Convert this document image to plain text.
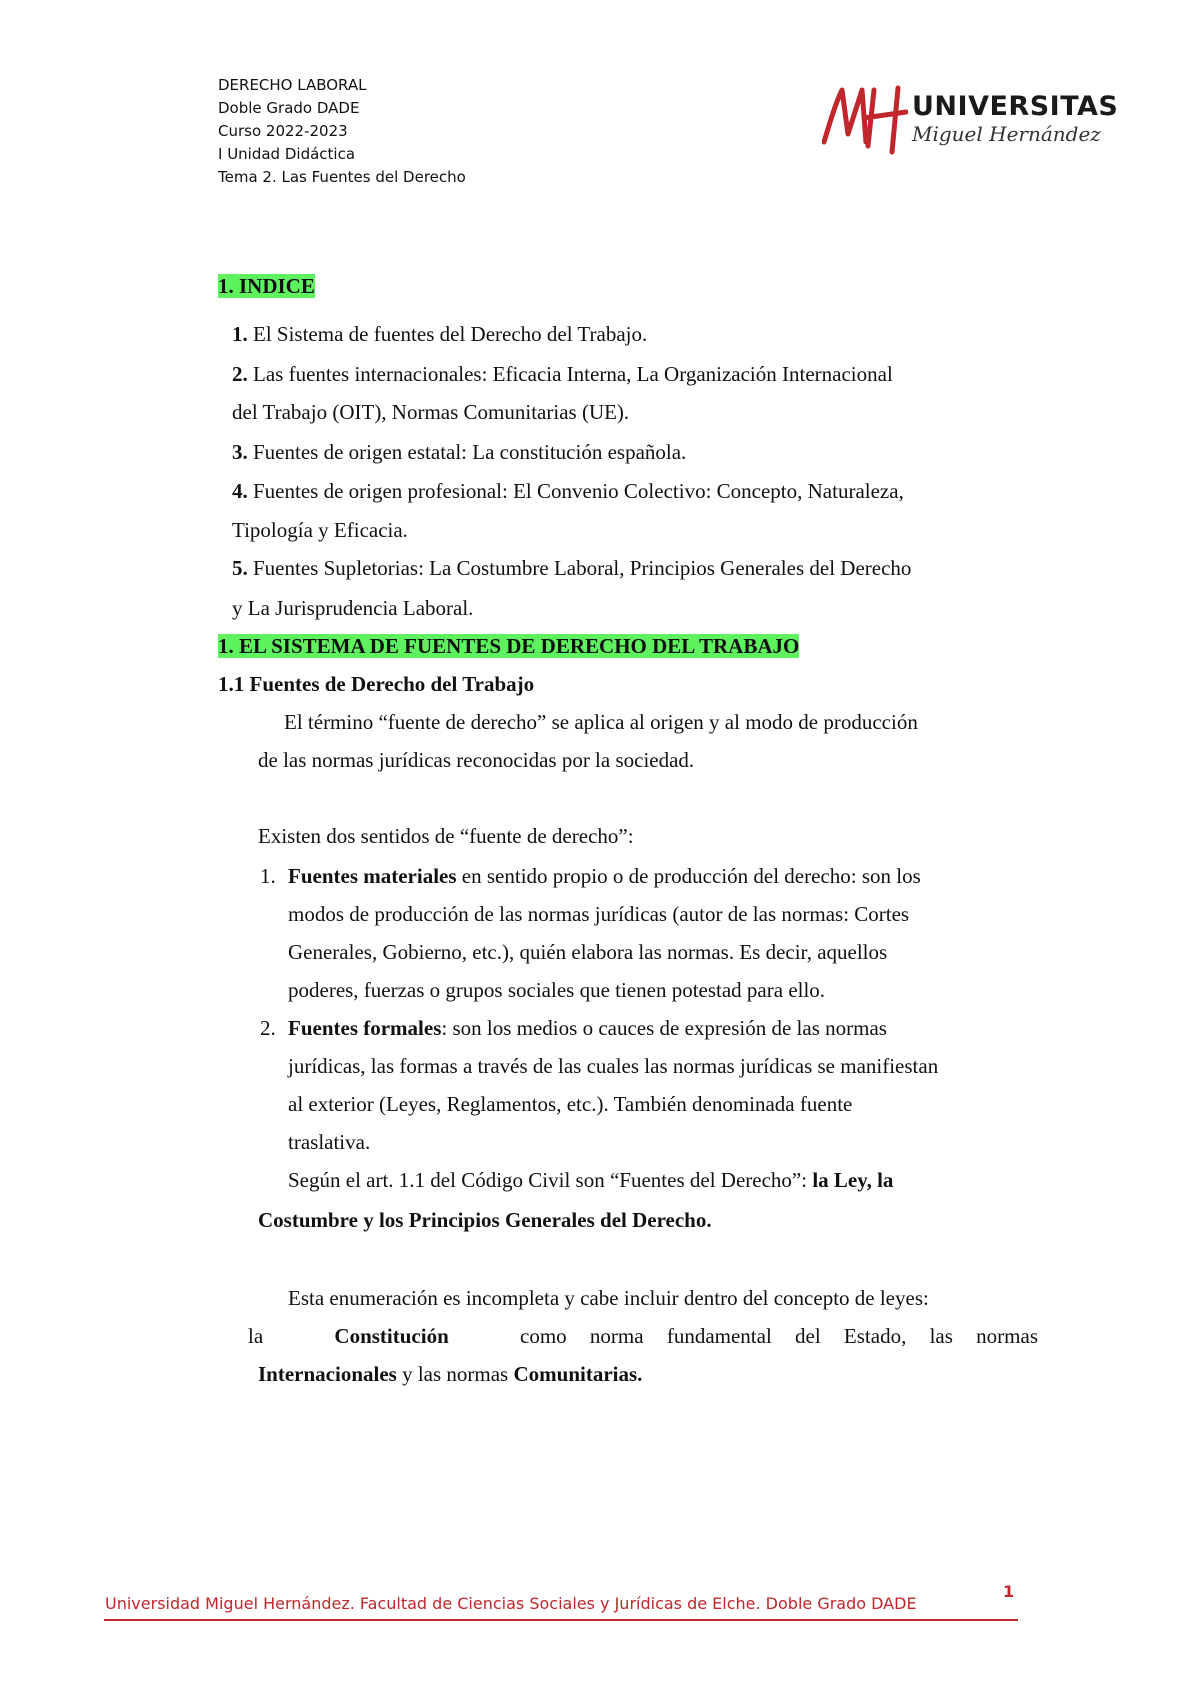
DERECHO LABORAL
Doble Grado DADE
Curso 2022-2023
I Unidad Didáctica
Tema 2. Las Fuentes del Derecho
UNIVERSITAS
Miguel Hernández
1. INDICE
1. El Sistema de fuentes del Derecho del Trabajo.
2. Las fuentes internacionales: Eficacia Interna, La Organización Internacional
del Trabajo (OIT), Normas Comunitarias (UE).
3. Fuentes de origen estatal: La constitución española.
4. Fuentes de origen profesional: El Convenio Colectivo: Concepto, Naturaleza,
Tipología y Eficacia.
5. Fuentes Supletorias: La Costumbre Laboral, Principios Generales del Derecho
y La Jurisprudencia Laboral.
1. EL SISTEMA DE FUENTES DE DERECHO DEL TRABAJO
1.1 Fuentes de Derecho del Trabajo
El término “fuente de derecho” se aplica al origen y al modo de producción
de las normas jurídicas reconocidas por la sociedad.
Existen dos sentidos de “fuente de derecho”:
1. Fuentes materiales en sentido propio o de producción del derecho: son los
modos de producción de las normas jurídicas (autor de las normas: Cortes
Generales, Gobierno, etc.), quién elabora las normas. Es decir, aquellos
poderes, fuerzas o grupos sociales que tienen potestad para ello.
2. Fuentes formales: son los medios o cauces de expresión de las normas
jurídicas, las formas a través de las cuales las normas jurídicas se manifiestan
al exterior (Leyes, Reglamentos, etc.). También denominada fuente
traslativa.
Según el art. 1.1 del Código Civil son “Fuentes del Derecho”: la Ley, la
Costumbre y los Principios Generales del Derecho.
Esta enumeración es incompleta y cabe incluir dentro del concepto de leyes:
la	Constitución	como norma fundamental del Estado, las normas
Internacionales y las normas Comunitarias.
1
Universidad Miguel Hernández. Facultad de Ciencias Sociales y Jurídicas de Elche. Doble Grado DADE
